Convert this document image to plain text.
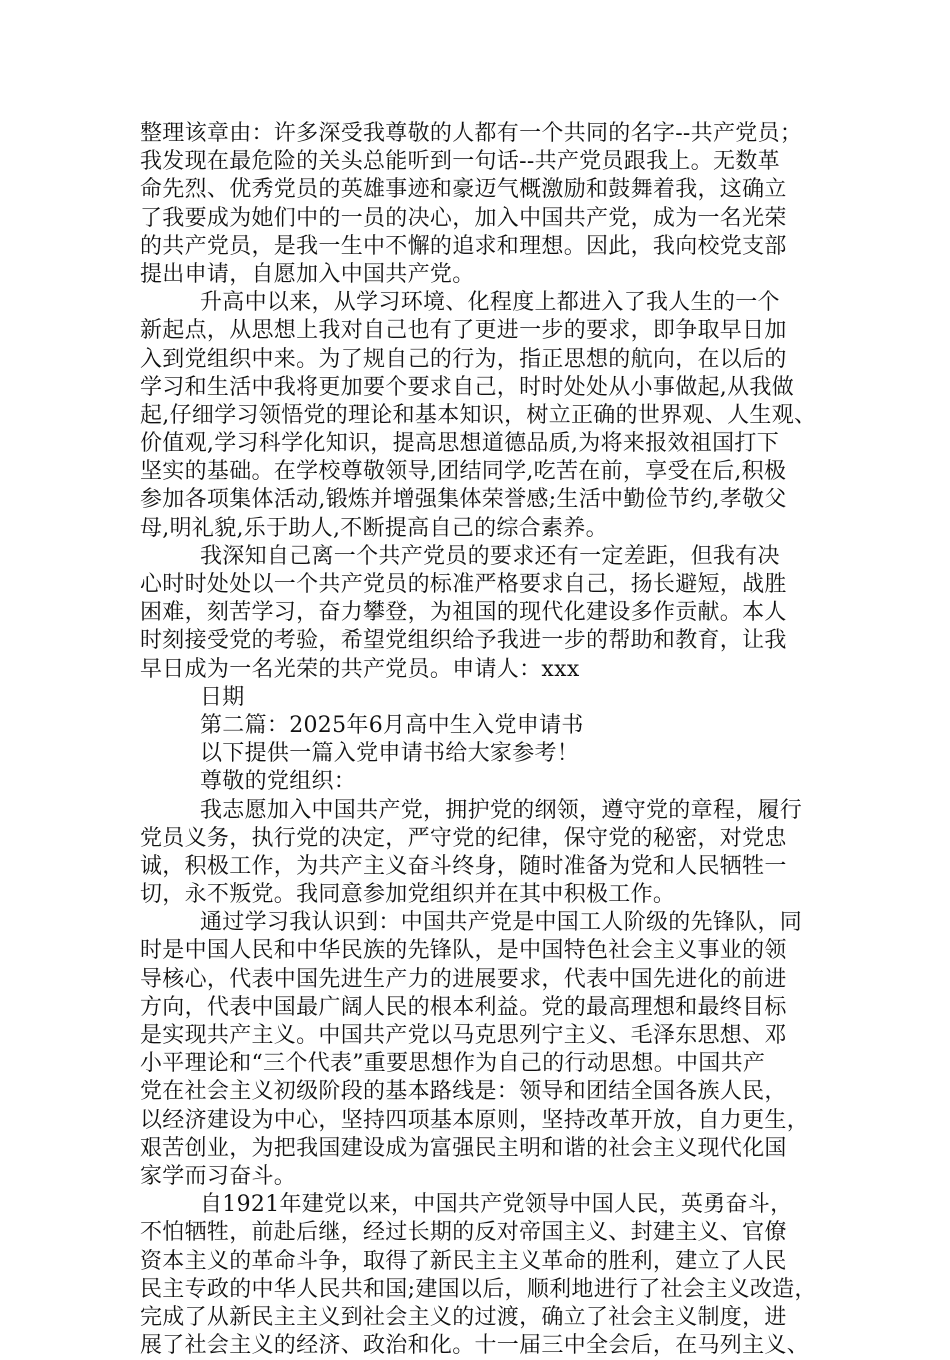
整理该章由：许多深受我尊敬的人都有一个共同的名字--共产党员；
我发现在最危险的关头总能听到一句话--共产党员跟我上。无数革
命先烈、优秀党员的英雄事迹和豪迈气概激励和鼓舞着我，这确立
了我要成为她们中的一员的决心，加入中国共产党，成为一名光荣
的共产党员，是我一生中不懈的追求和理想。因此，我向校党支部
提出申请，自愿加入中国共产党。
升高中以来，从学习环境、化程度上都进入了我人生的一个
新起点，从思想上我对自己也有了更进一步的要求，即争取早日加
入到党组织中来。为了规自己的行为，指正思想的航向，在以后的
学习和生活中我将更加要个要求自己，时时处处从小事做起,从我做
起,仔细学习领悟党的理论和基本知识，树立正确的世界观、人生观、
价值观,学习科学化知识，提高思想道德品质,为将来报效祖国打下
坚实的基础。在学校尊敬领导,团结同学,吃苦在前，享受在后,积极
参加各项集体活动,锻炼并增强集体荣誉感;生活中勤俭节约,孝敬父
母,明礼貌,乐于助人,不断提高自己的综合素养。
我深知自己离一个共产党员的要求还有一定差距，但我有决
心时时处处以一个共产党员的标准严格要求自己，扬长避短，战胜
困难，刻苦学习，奋力攀登，为祖国的现代化建设多作贡献。本人
时刻接受党的考验，希望党组织给予我进一步的帮助和教育，让我
早日成为一名光荣的共产党员。申请人：xxx
日期
第二篇：2025年6月高中生入党申请书
以下提供一篇入党申请书给大家参考！
尊敬的党组织：
我志愿加入中国共产党，拥护党的纲领，遵守党的章程，履行
党员义务，执行党的决定，严守党的纪律，保守党的秘密，对党忠
诚，积极工作，为共产主义奋斗终身，随时准备为党和人民牺牲一
切，永不叛党。我同意参加党组织并在其中积极工作。
通过学习我认识到：中国共产党是中国工人阶级的先锋队，同
时是中国人民和中华民族的先锋队，是中国特色社会主义事业的领
导核心，代表中国先进生产力的进展要求，代表中国先进化的前进
方向，代表中国最广阔人民的根本利益。党的最高理想和最终目标
是实现共产主义。中国共产党以马克思列宁主义、毛泽东思想、邓
小平理论和“三个代表”重要思想作为自己的行动思想。中国共产
党在社会主义初级阶段的基本路线是：领导和团结全国各族人民，
以经济建设为中心，坚持四项基本原则，坚持改革开放，自力更生，
艰苦创业，为把我国建设成为富强民主明和谐的社会主义现代化国
家学而习奋斗。
自1921年建党以来，中国共产党领导中国人民，英勇奋斗，
不怕牺牲，前赴后继，经过长期的反对帝国主义、封建主义、官僚
资本主义的革命斗争，取得了新民主主义革命的胜利，建立了人民
民主专政的中华人民共和国;建国以后，顺利地进行了社会主义改造，
完成了从新民主主义到社会主义的过渡，确立了社会主义制度，进
展了社会主义的经济、政治和化。十一届三中全会后，在马列主义、
